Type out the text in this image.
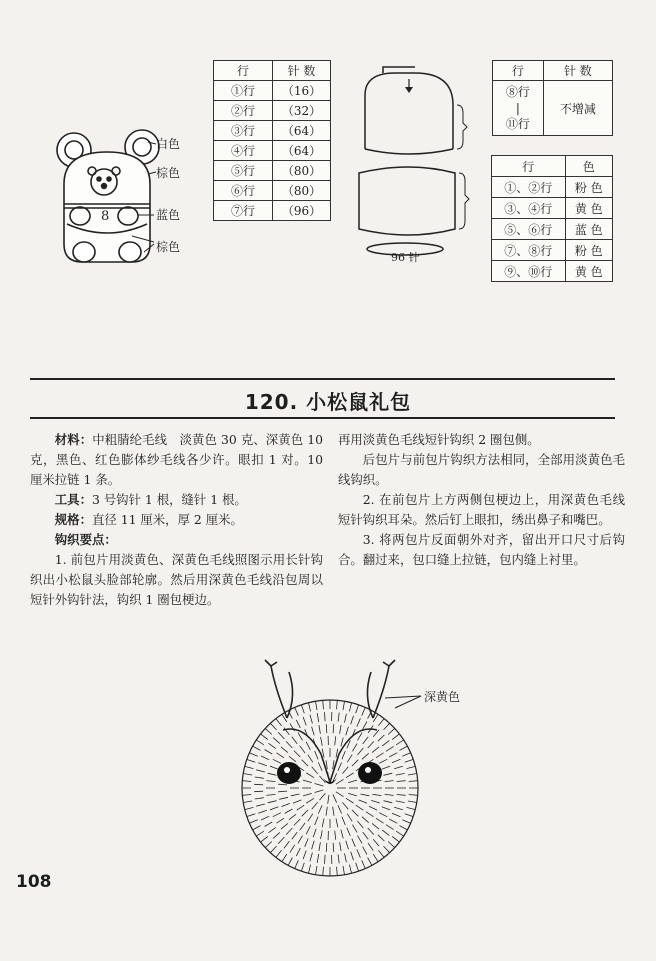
8
白色
棕色
蓝色
棕色
行	针 数
①行	（16）
②行	（32）
③行	（64）
④行	（64）
⑤行	（80）
⑥行	（80）
⑦行	（96）
96 针
行	针 数

⑧行
|
⑪行	不增减
行	色
①、②行	粉 色
③、④行	黄 色
⑤、⑥行	蓝 色
⑦、⑧行	粉 色
⑨、⑩行	黄 色
120. 小松鼠礼包

材料：中粗腈纶毛线　淡黄色 30 克、深黄色 10 克，黑色、红色膨体纱毛线各少许。眼扣 1 对。10 厘米拉链 1 条。

工具：3 号钩针 1 根，缝针 1 根。

规格：直径 11 厘米，厚 2 厘米。

钩织要点：

1. 前包片用淡黄色、深黄色毛线照图示用长针钩织出小松鼠头脸部轮廓。然后用深黄色毛线沿包周以短针外钩针法，钩织 1 圈包梗边。

再用淡黄色毛线短针钩织 2 圈包侧。

后包片与前包片钩织方法相同，全部用淡黄色毛线钩织。

2. 在前包片上方两侧包梗边上，用深黄色毛线短针钩织耳朵。然后钉上眼扣，绣出鼻子和嘴巴。

3. 将两包片反面朝外对齐，留出开口尺寸后钩合。翻过来，包口缝上拉链，包内缝上衬里。

深黄色
108
